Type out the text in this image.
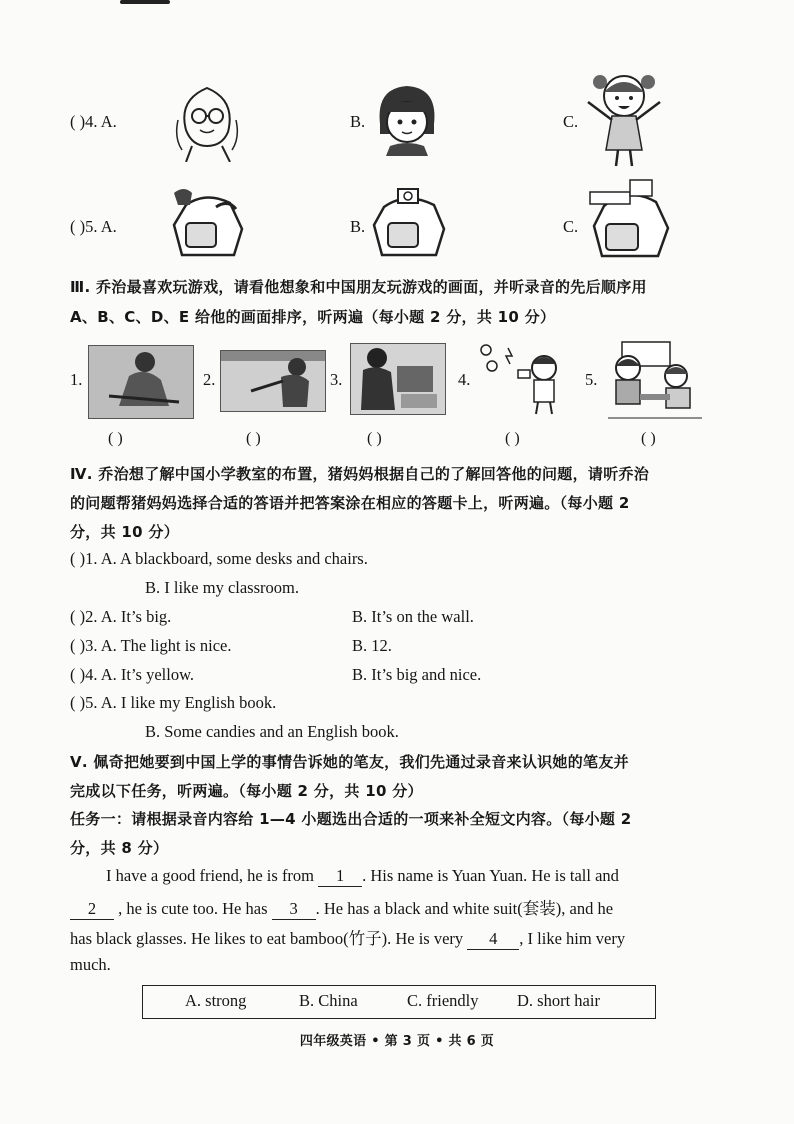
( )4. A.	B.	C.
( )5. A.	B.	C.
Ⅲ. 乔治最喜欢玩游戏，请看他想象和中国朋友玩游戏的画面，并听录音的先后顺序用
A、B、C、D、E 给他的画面排序，听两遍（每小题 2 分，共 10 分）
1.	2.	3.	4.	5.
( )	( )	( )	( )	( )
Ⅳ. 乔治想了解中国小学教室的布置，猪妈妈根据自己的了解回答他的问题，请听乔治
的问题帮猪妈妈选择合适的答语并把答案涂在相应的答题卡上，听两遍。（每小题 2
分，共 10 分）
( )1. A. A blackboard, some desks and chairs.
B. I like my classroom.
( )2. A. It’s big.	B. It’s on the wall.
( )3. A. The light is nice.	B. 12.
( )4. A. It’s yellow.	B. It’s big and nice.
( )5. A. I like my English book.
B. Some candies and an English book.
Ⅴ. 佩奇把她要到中国上学的事情告诉她的笔友，我们先通过录音来认识她的笔友并
完成以下任务，听两遍。（每小题 2 分，共 10 分）
任务一：请根据录音内容给 1—4 小题选出合适的一项来补全短文内容。（每小题 2
分，共 8 分）
I have a good friend, he is from 1 . His name is Yuan Yuan. He is tall and
2 , he is cute too. He has 3 . He has a black and white suit(套装), and he
has black glasses. He likes to eat bamboo(竹子). He is very 4 , I like him very
much.
A. strong	B. China	C. friendly D. short hair
四年级英语 • 第 3 页 • 共 6 页
